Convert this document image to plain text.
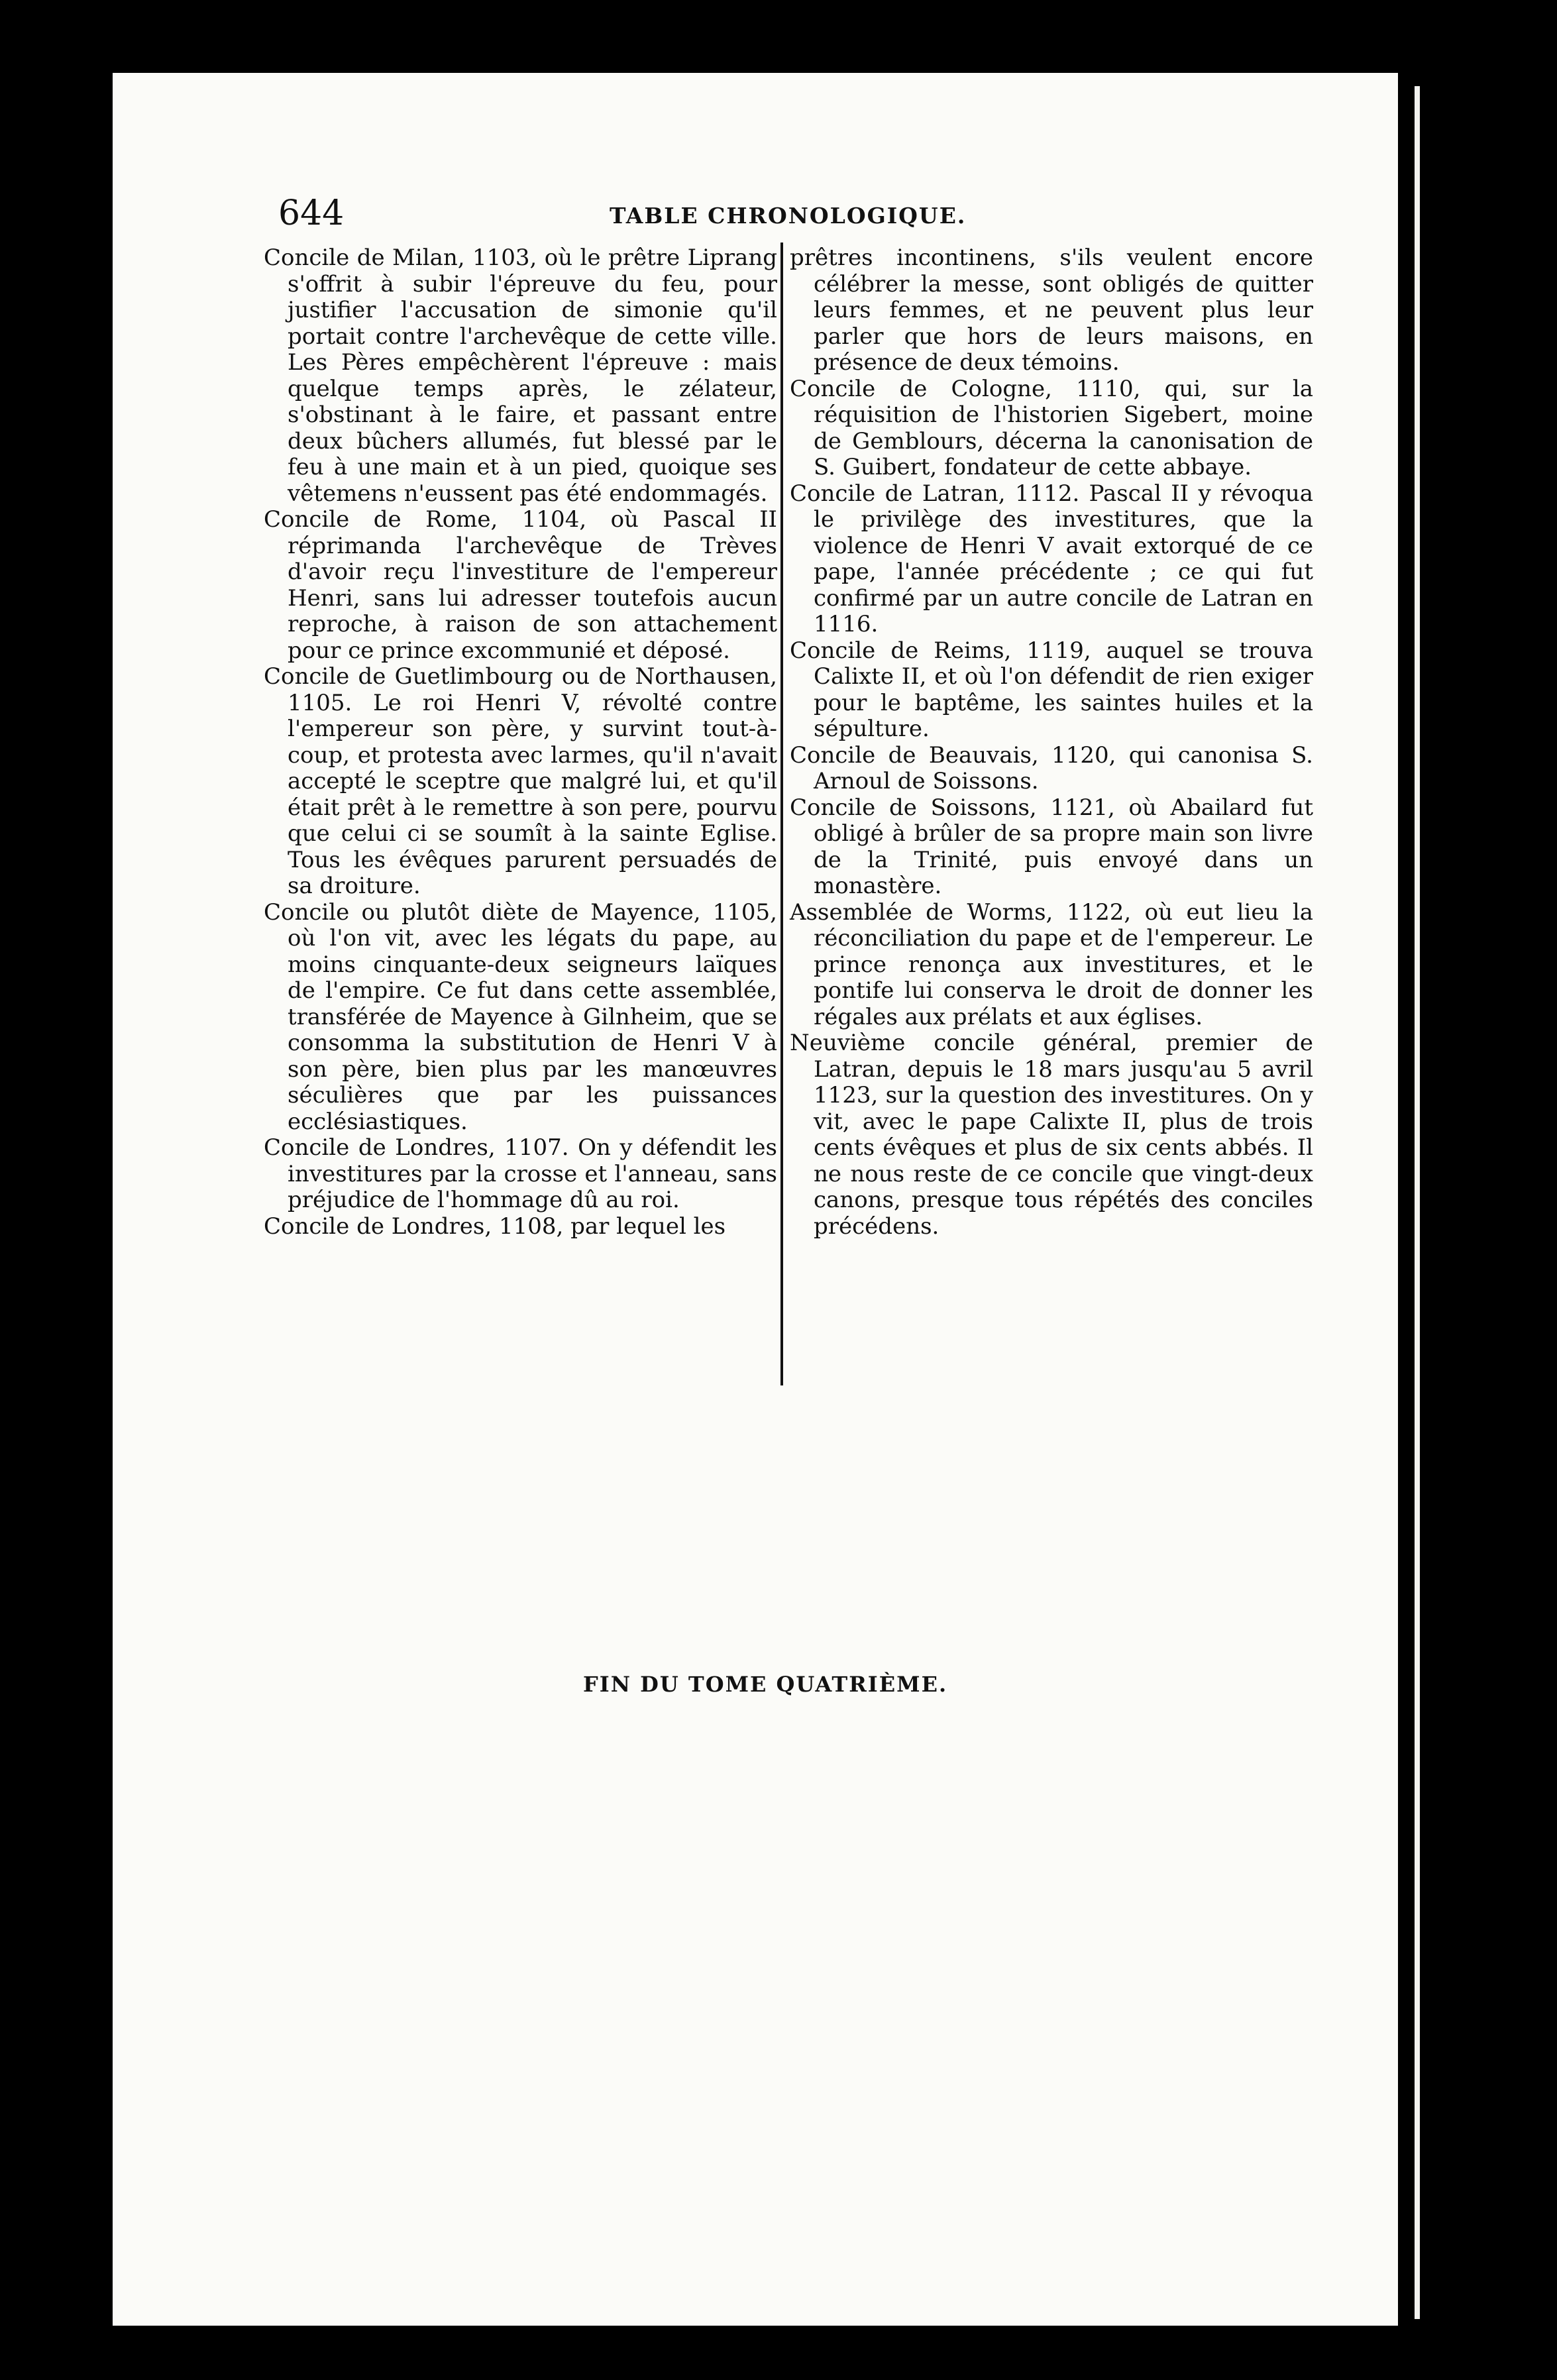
644	TABLE CHRONOLOGIQUE.

Concile de Milan, 1103, où le prêtre Liprang s'offrit à subir l'épreuve du feu, pour justifier l'accusation de simonie qu'il portait contre l'archevêque de cette ville. Les Pères empêchèrent l'épreuve : mais quelque temps après, le zélateur, s'obstinant à le faire, et passant entre deux bûchers allumés, fut blessé par le feu à une main et à un pied, quoique ses vêtemens n'eussent pas été endommagés.

Concile de Rome, 1104, où Pascal II réprimanda l'archevêque de Trèves d'avoir reçu l'investiture de l'empereur Henri, sans lui adresser toutefois aucun reproche, à raison de son attachement pour ce prince excommunié et déposé.

Concile de Guetlimbourg ou de Northausen, 1105. Le roi Henri V, révolté contre l'empereur son père, y survint tout-à-coup, et protesta avec larmes, qu'il n'avait accepté le sceptre que malgré lui, et qu'il était prêt à le remettre à son pere, pourvu que celui ci se soumît à la sainte Eglise. Tous les évêques parurent persuadés de sa droiture.

Concile ou plutôt diète de Mayence, 1105, où l'on vit, avec les légats du pape, au moins cinquante-deux seigneurs laïques de l'empire. Ce fut dans cette assemblée, transférée de Mayence à Gilnheim, que se consomma la substitution de Henri V à son père, bien plus par les manœuvres séculières que par les puissances ecclésiastiques.

Concile de Londres, 1107. On y défendit les investitures par la crosse et l'anneau, sans préjudice de l'hommage dû au roi.

Concile de Londres, 1108, par lequel les

prêtres incontinens, s'ils veulent encore célébrer la messe, sont obligés de quitter leurs femmes, et ne peuvent plus leur parler que hors de leurs maisons, en présence de deux témoins.

Concile de Cologne, 1110, qui, sur la réquisition de l'historien Sigebert, moine de Gemblours, décerna la canonisation de S. Guibert, fondateur de cette abbaye.

Concile de Latran, 1112. Pascal II y révoqua le privilège des investitures, que la violence de Henri V avait extorqué de ce pape, l'année précédente ; ce qui fut confirmé par un autre concile de Latran en 1116.

Concile de Reims, 1119, auquel se trouva Calixte II, et où l'on défendit de rien exiger pour le baptême, les saintes huiles et la sépulture.

Concile de Beauvais, 1120, qui canonisa S. Arnoul de Soissons.

Concile de Soissons, 1121, où Abailard fut obligé à brûler de sa propre main son livre de la Trinité, puis envoyé dans un monastère.

Assemblée de Worms, 1122, où eut lieu la réconciliation du pape et de l'empereur. Le prince renonça aux investitures, et le pontife lui conserva le droit de donner les régales aux prélats et aux églises.

Neuvième concile général, premier de Latran, depuis le 18 mars jusqu'au 5 avril 1123, sur la question des investitures. On y vit, avec le pape Calixte II, plus de trois cents évêques et plus de six cents abbés. Il ne nous reste de ce concile que vingt-deux canons, presque tous répétés des conciles précédens.

FIN DU TOME QUATRIÈME.
